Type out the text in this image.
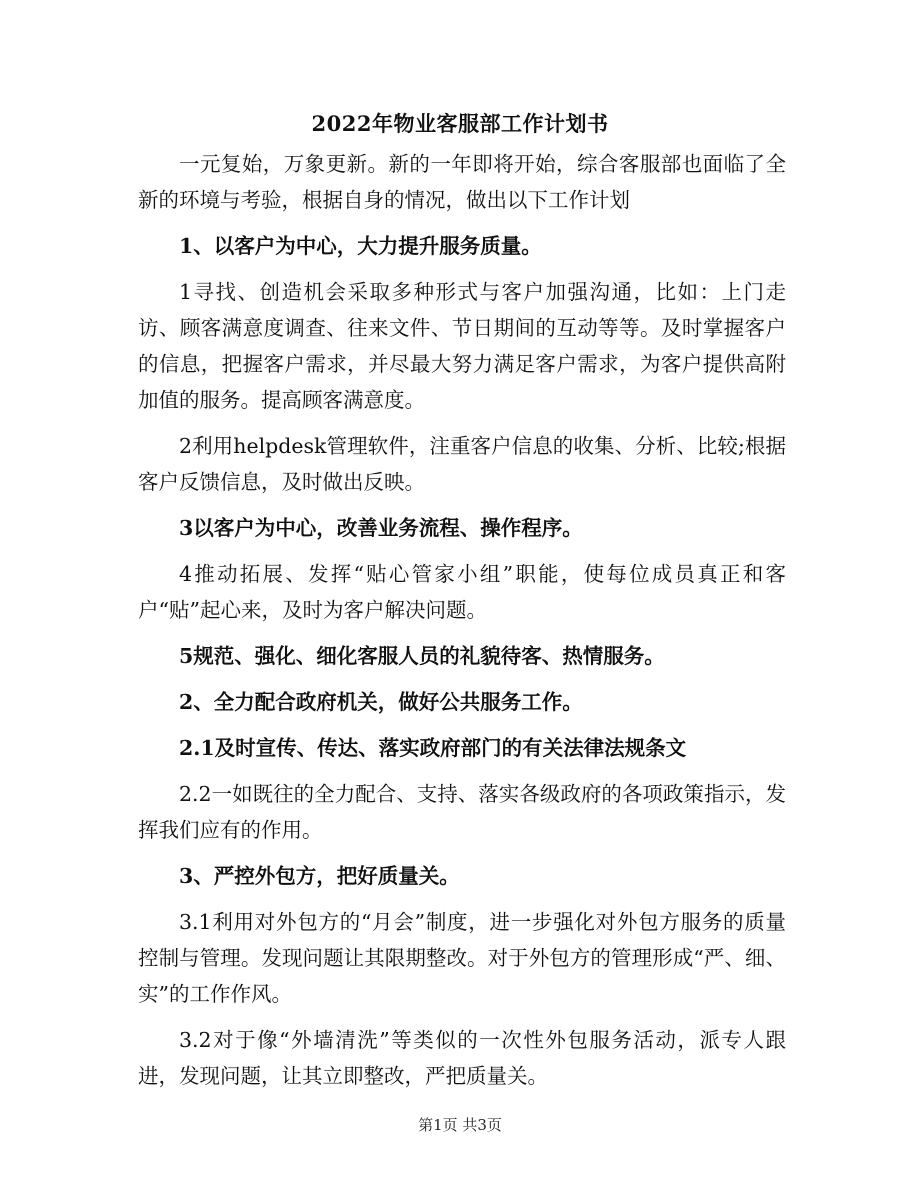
2022年物业客服部工作计划书

一元复始，万象更新。新的一年即将开始，综合客服部也面临了全新的环境与考验，根据自身的情况，做出以下工作计划

1、以客户为中心，大力提升服务质量。

1寻找、创造机会采取多种形式与客户加强沟通，比如：上门走访、顾客满意度调查、往来文件、节日期间的互动等等。及时掌握客户的信息，把握客户需求，并尽最大努力满足客户需求，为客户提供高附加值的服务。提高顾客满意度。

2利用helpdesk管理软件，注重客户信息的收集、分析、比较;根据客户反馈信息，及时做出反映。

3以客户为中心，改善业务流程、操作程序。

4推动拓展、发挥“贴心管家小组”职能，使每位成员真正和客户“贴”起心来，及时为客户解决问题。

5规范、强化、细化客服人员的礼貌待客、热情服务。

2、全力配合政府机关，做好公共服务工作。

2.1及时宣传、传达、落实政府部门的有关法律法规条文

2.2一如既往的全力配合、支持、落实各级政府的各项政策指示，发挥我们应有的作用。

3、严控外包方，把好质量关。

3.1利用对外包方的“月会”制度，进一步强化对外包方服务的质量控制与管理。发现问题让其限期整改。对于外包方的管理形成“严、细、实”的工作作风。

3.2对于像“外墙清洗”等类似的一次性外包服务活动，派专人跟进，发现问题，让其立即整改，严把质量关。

第1页 共3页
